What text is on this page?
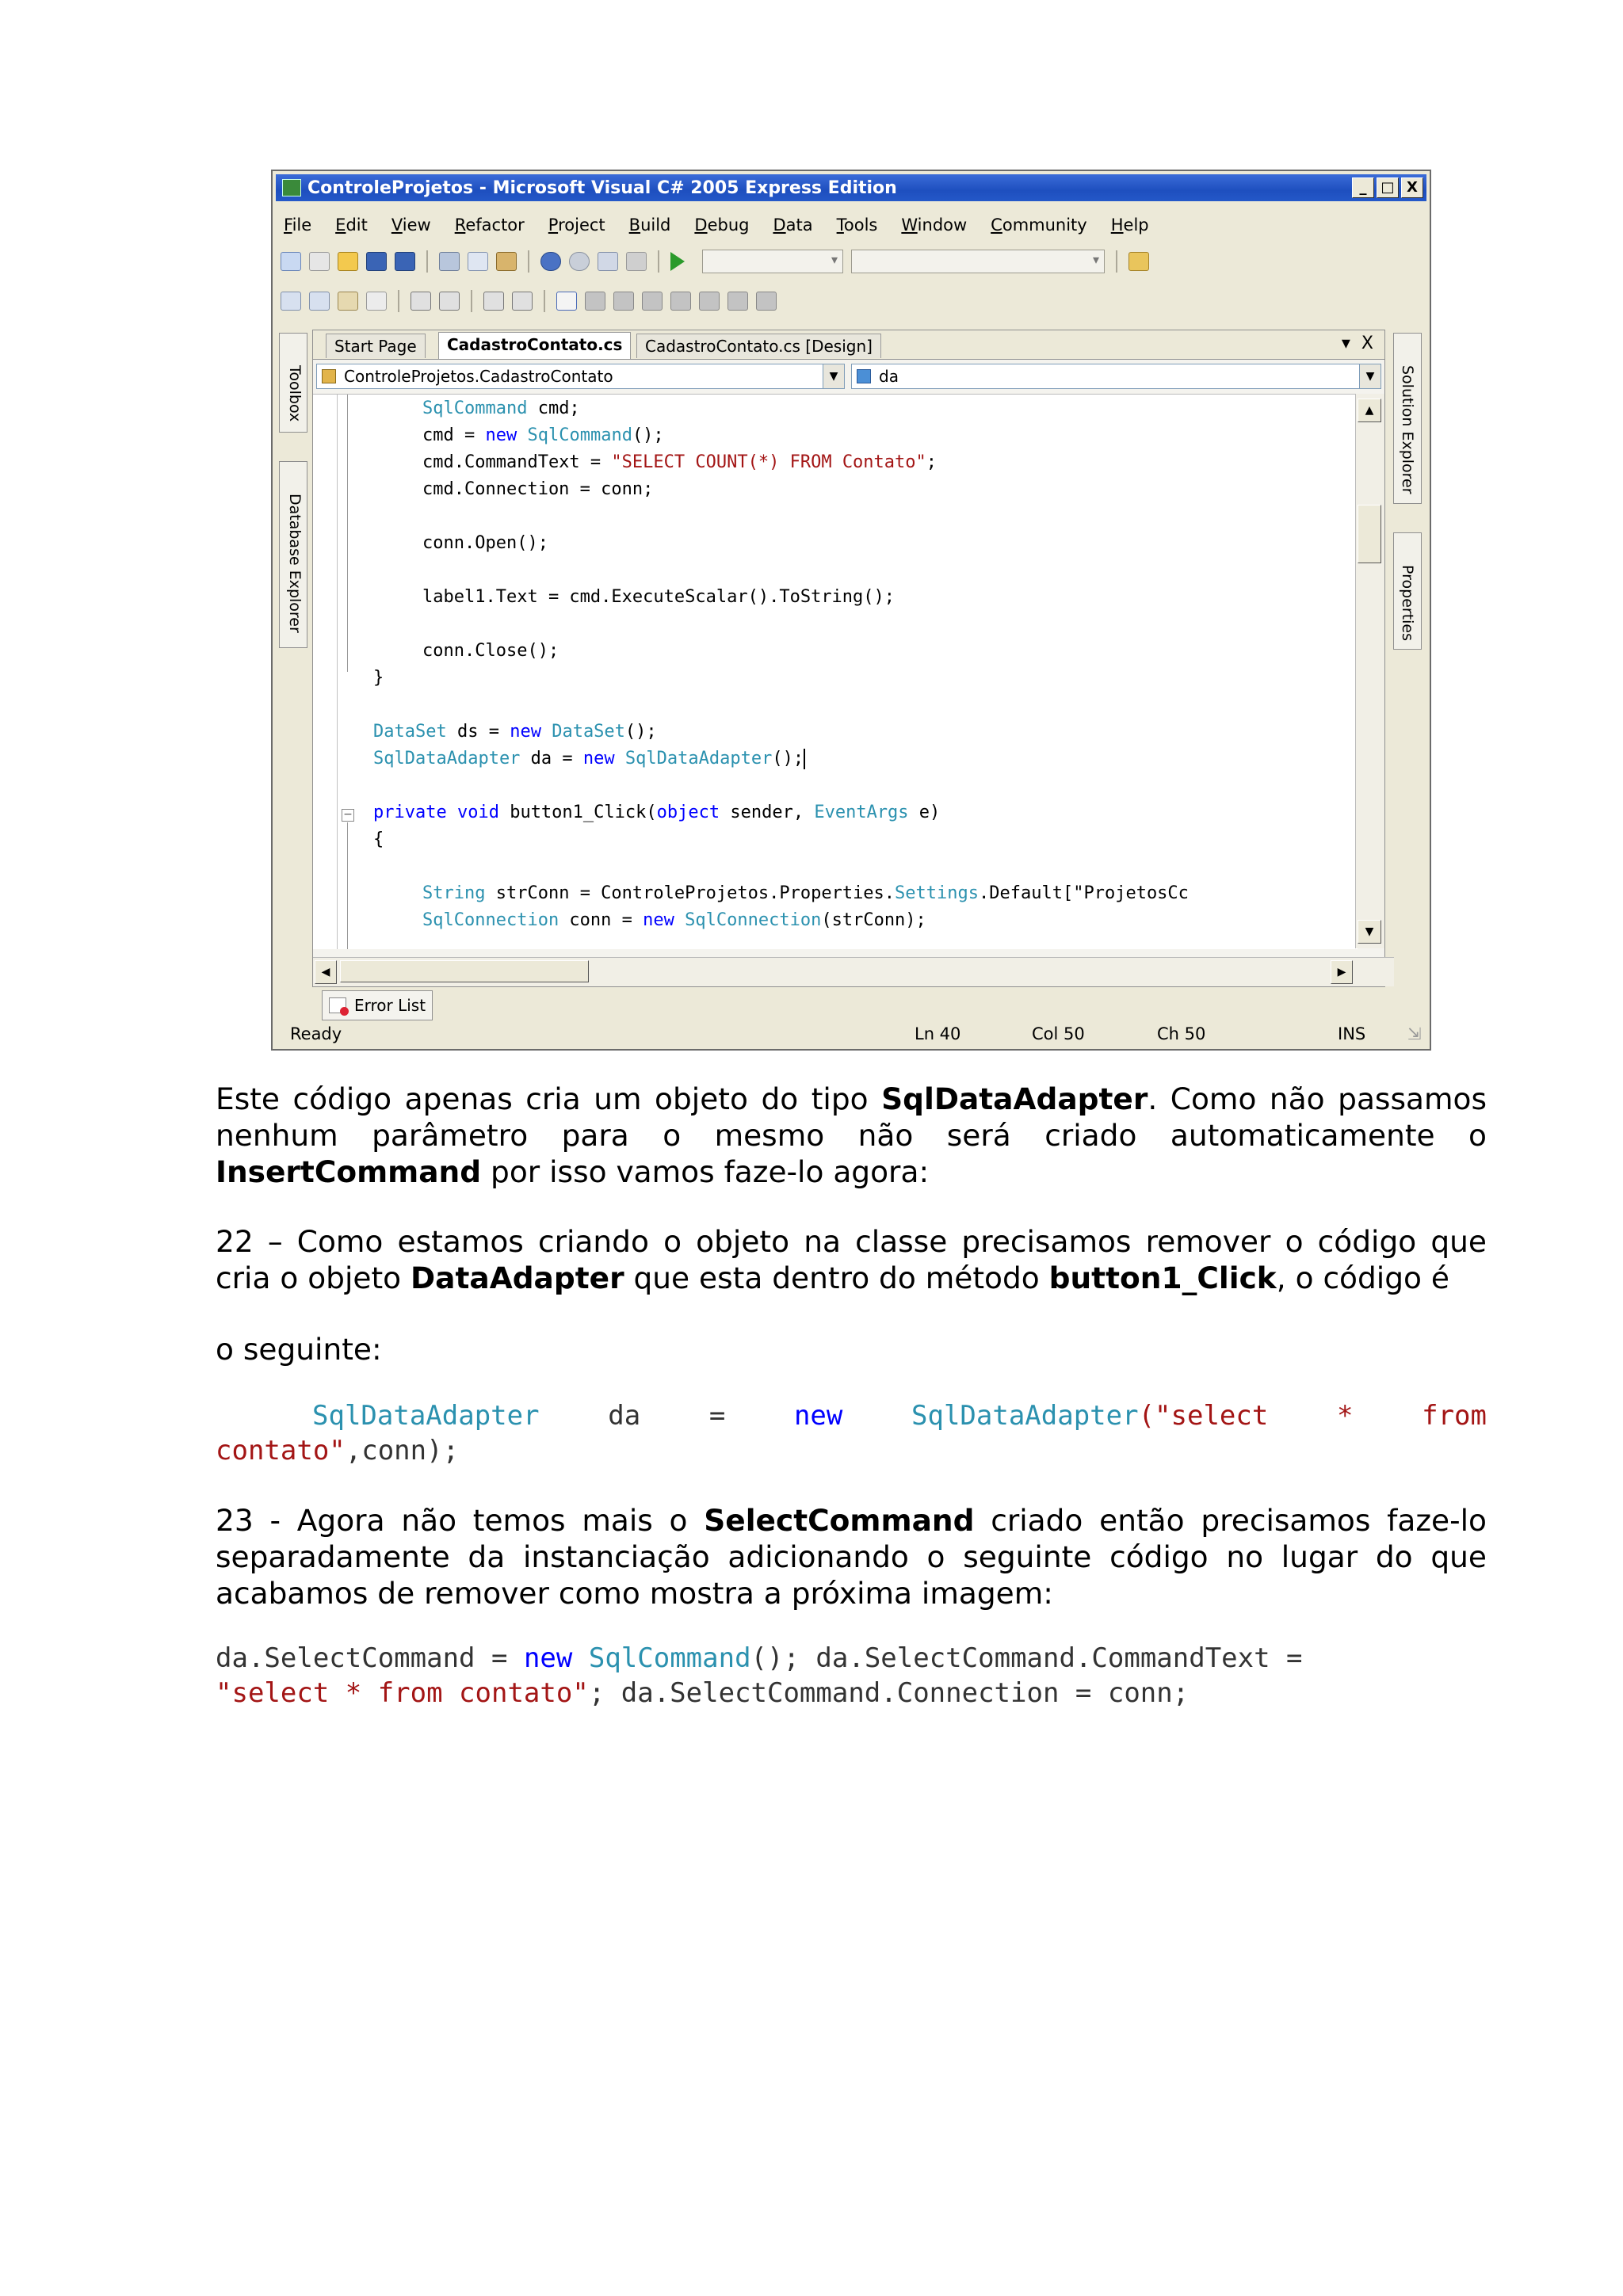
ControleProjetos - Microsoft Visual C# 2005 Express Edition	_ □ X
File Edit View Refactor Project Build Debug Data Tools Window Community Help
▾
▾
Toolbox
Database Explorer
Solution Explorer
Properties
Start Page	CadastroContato.cs	CadastroContato.cs [Design]	▾ X
ControleProjetos.CadastroContato	▼	da	▼
SqlCommand cmd;
cmd = new SqlCommand();
cmd.CommandText = "SELECT COUNT(*) FROM Contato";
cmd.Connection = conn;
conn.Open();
label1.Text = cmd.ExecuteScalar().ToString();
conn.Close();
}
DataSet ds = new DataSet();
SqlDataAdapter da = new SqlDataAdapter();
private void button1_Click(object sender, EventArgs e)
{
String strConn = ControleProjetos.Properties.Settings.Default["ProjetosCc
SqlConnection conn = new SqlConnection(strConn);
−
▲
▼
◀	▶
Error List
Ready	Ln 40	Col 50	Ch 50	INS	⇲
Este código apenas cria um objeto do tipo SqlDataAdapter. Como não passamos nenhum parâmetro para o mesmo não será criado automaticamente o InsertCommand por isso vamos faze-lo agora:
22 – Como estamos criando o objeto na classe precisamos remover o código que cria o objeto DataAdapter que esta dentro do método button1_Click, o código é
o seguinte:
SqlDataAdapter	da	=	new	SqlDataAdapter("select	*	from
contato",conn);
23 - Agora não temos mais o SelectCommand criado então precisamos faze-lo separadamente da instanciação adicionando o seguinte código no lugar do que acabamos de remover como mostra a próxima imagem:
da.SelectCommand = new SqlCommand(); da.SelectCommand.CommandText =
"select * from contato"; da.SelectCommand.Connection = conn;
